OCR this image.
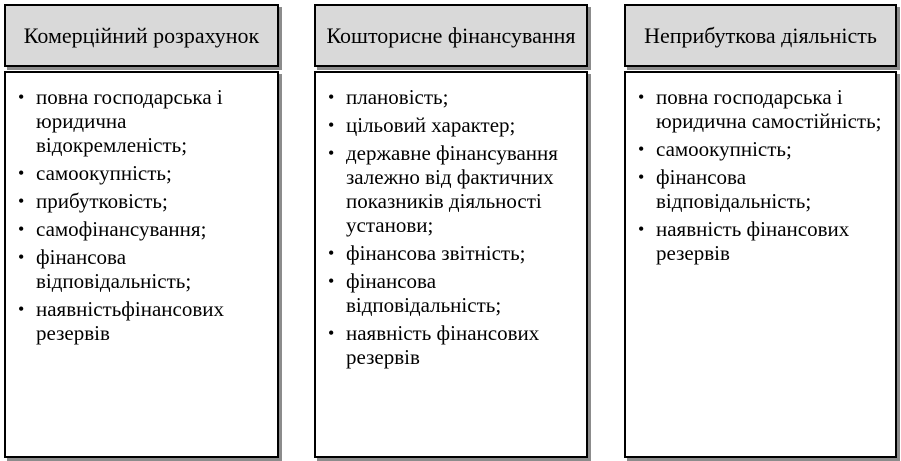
Комерційний розрахунок
• повна господарська і юридична відокремленість;
• самоокупність;
• прибутковість;
• самофінансування;
• фінансова відповідальність;
• наявністьфінансових резервів
Кошторисне фінансування
• плановість;
• цільовий характер;
• державне фінансування залежно від фактичних показників діяльності установи;
• фінансова звітність;
• фінансова відповідальність;
• наявність фінансових резервів
Неприбуткова діяльність
• повна господарська і юридична самостійність;
• самоокупність;
• фінансова відповідальність;
• наявність фінансових резервів
